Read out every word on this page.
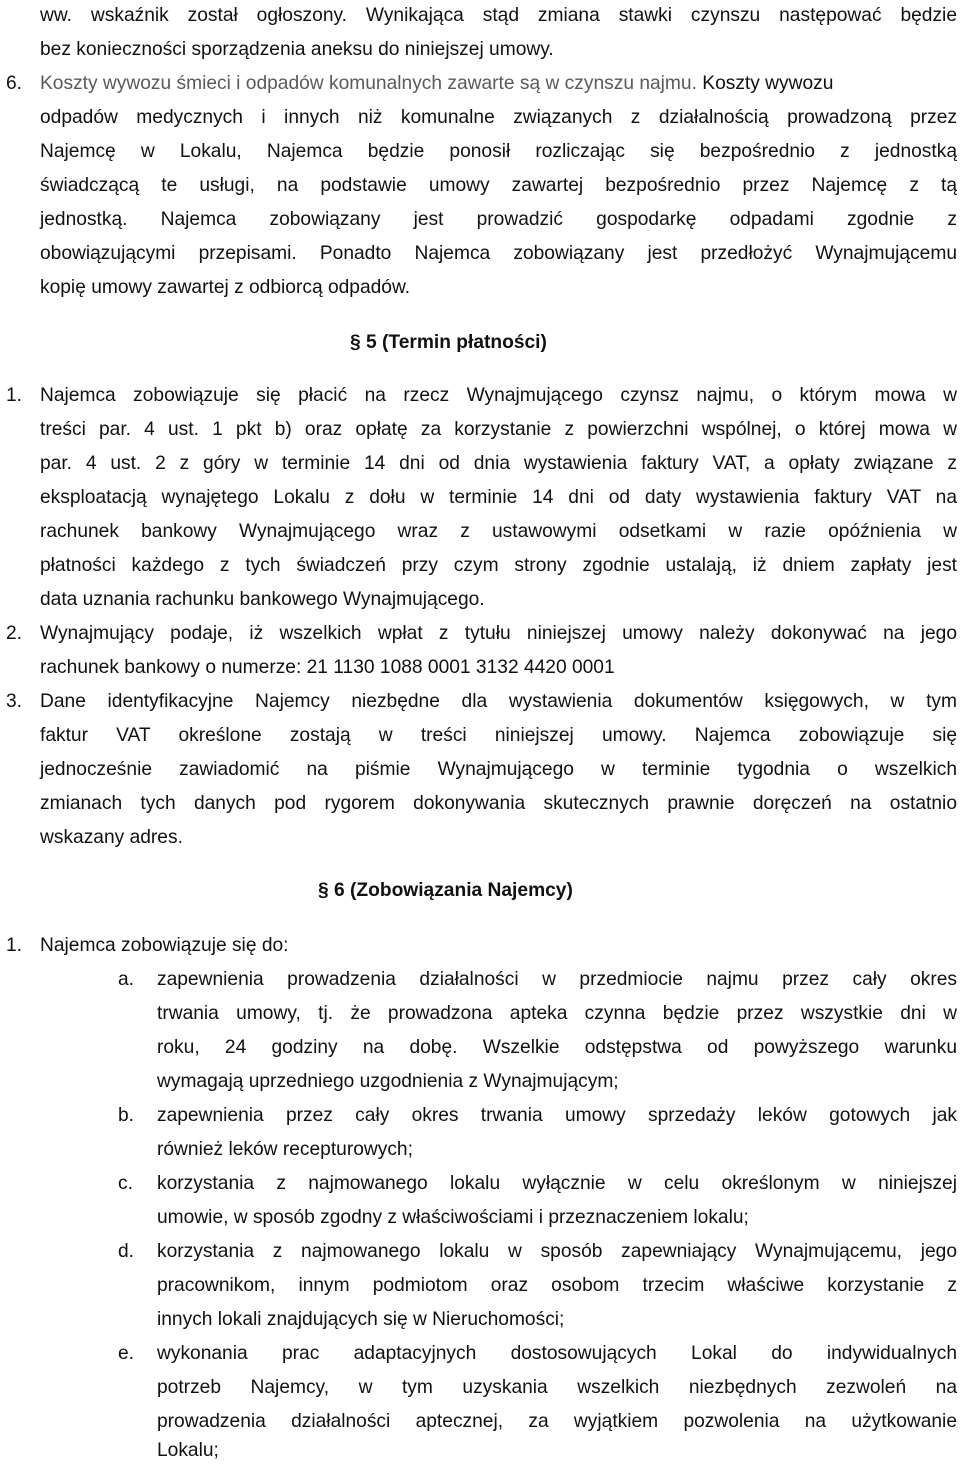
ww. wskaźnik został ogłoszony. Wynikająca stąd zmiana stawki czynszu następować będzie
bez konieczności sporządzenia aneksu do niniejszej umowy.
6. Koszty wywozu śmieci i odpadów komunalnych zawarte są w czynszu najmu. Koszty wywozu
odpadów medycznych i innych niż komunalne związanych z działalnością prowadzoną przez
Najemcę w Lokalu, Najemca będzie ponosił rozliczając się bezpośrednio z jednostką
świadczącą te usługi, na podstawie umowy zawartej bezpośrednio przez Najemcę z tą
jednostką. Najemca zobowiązany jest prowadzić gospodarkę odpadami zgodnie z
obowiązującymi przepisami. Ponadto Najemca zobowiązany jest przedłożyć Wynajmującemu
kopię umowy zawartej z odbiorcą odpadów.
§ 5 (Termin płatności)
1. Najemca zobowiązuje się płacić na rzecz Wynajmującego czynsz najmu, o którym mowa w
treści par. 4 ust. 1 pkt b) oraz opłatę za korzystanie z powierzchni wspólnej, o której mowa w
par. 4 ust. 2 z góry w terminie 14 dni od dnia wystawienia faktury VAT, a opłaty związane z
eksploatacją wynajętego Lokalu z dołu w terminie 14 dni od daty wystawienia faktury VAT na
rachunek bankowy Wynajmującego wraz z ustawowymi odsetkami w razie opóźnienia w
płatności każdego z tych świadczeń przy czym strony zgodnie ustalają, iż dniem zapłaty jest
data uznania rachunku bankowego Wynajmującego.
2. Wynajmujący podaje, iż wszelkich wpłat z tytułu niniejszej umowy należy dokonywać na jego
rachunek bankowy o numerze: 21 1130 1088 0001 3132 4420 0001
3. Dane identyfikacyjne Najemcy niezbędne dla wystawienia dokumentów księgowych, w tym
faktur VAT określone zostają w treści niniejszej umowy. Najemca zobowiązuje się
jednocześnie zawiadomić na piśmie Wynajmującego w terminie tygodnia o wszelkich
zmianach tych danych pod rygorem dokonywania skutecznych prawnie doręczeń na ostatnio
wskazany adres.
§ 6 (Zobowiązania Najemcy)
1. Najemca zobowiązuje się do:
a. zapewnienia prowadzenia działalności w przedmiocie najmu przez cały okres
trwania umowy, tj. że prowadzona apteka czynna będzie przez wszystkie dni w
roku, 24 godziny na dobę. Wszelkie odstępstwa od powyższego warunku
wymagają uprzedniego uzgodnienia z Wynajmującym;
b. zapewnienia przez cały okres trwania umowy sprzedaży leków gotowych jak
również leków recepturowych;
c. korzystania z najmowanego lokalu wyłącznie w celu określonym w niniejszej
umowie, w sposób zgodny z właściwościami i przeznaczeniem lokalu;
d. korzystania z najmowanego lokalu w sposób zapewniający Wynajmującemu, jego
pracownikom, innym podmiotom oraz osobom trzecim właściwe korzystanie z
innych lokali znajdujących się w Nieruchomości;
e. wykonania prac adaptacyjnych dostosowujących Lokal do indywidualnych
potrzeb Najemcy, w tym uzyskania wszelkich niezbędnych zezwoleń na
prowadzenia działalności aptecznej, za wyjątkiem pozwolenia na użytkowanie
Lokalu;
